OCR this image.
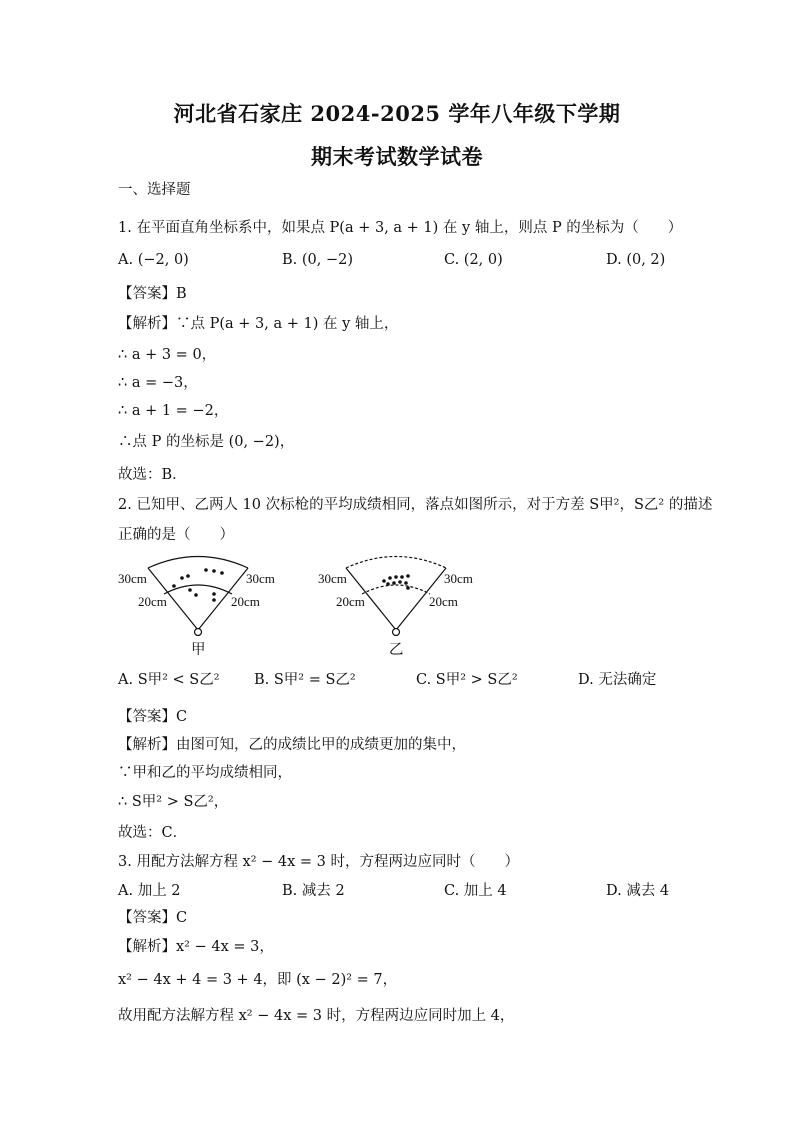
河北省石家庄 2024-2025 学年八年级下学期
期末考试数学试卷
一、选择题
1. 在平面直角坐标系中，如果点 P(a + 3, a + 1) 在 y 轴上，则点 P 的坐标为（　　）
A. (−2, 0)	B. (0, −2)	C. (2, 0)	D. (0, 2)
【答案】B
【解析】∵点 P(a + 3, a + 1) 在 y 轴上，
∴ a + 3 = 0，
∴ a = −3，
∴ a + 1 = −2，
∴点 P 的坐标是 (0, −2)，
故选：B．
2. 已知甲、乙两人 10 次标枪的平均成绩相同，落点如图所示，对于方差 S甲²，S乙² 的描述
正确的是（　　）
30cm	30cm
20cm	20cm
甲
30cm	30cm
20cm	20cm
乙
A. S甲² < S乙² B. S甲² = S乙²	C. S甲² > S乙²	D. 无法确定
【答案】C
【解析】由图可知，乙的成绩比甲的成绩更加的集中，
∵甲和乙的平均成绩相同，
∴ S甲² > S乙²，
故选：C．
3. 用配方法解方程 x² − 4x = 3 时，方程两边应同时（　　）
A. 加上 2	B. 减去 2	C. 加上 4	D. 减去 4
【答案】C
【解析】x² − 4x = 3，
x² − 4x + 4 = 3 + 4，即 (x − 2)² = 7，
故用配方法解方程 x² − 4x = 3 时，方程两边应同时加上 4，
